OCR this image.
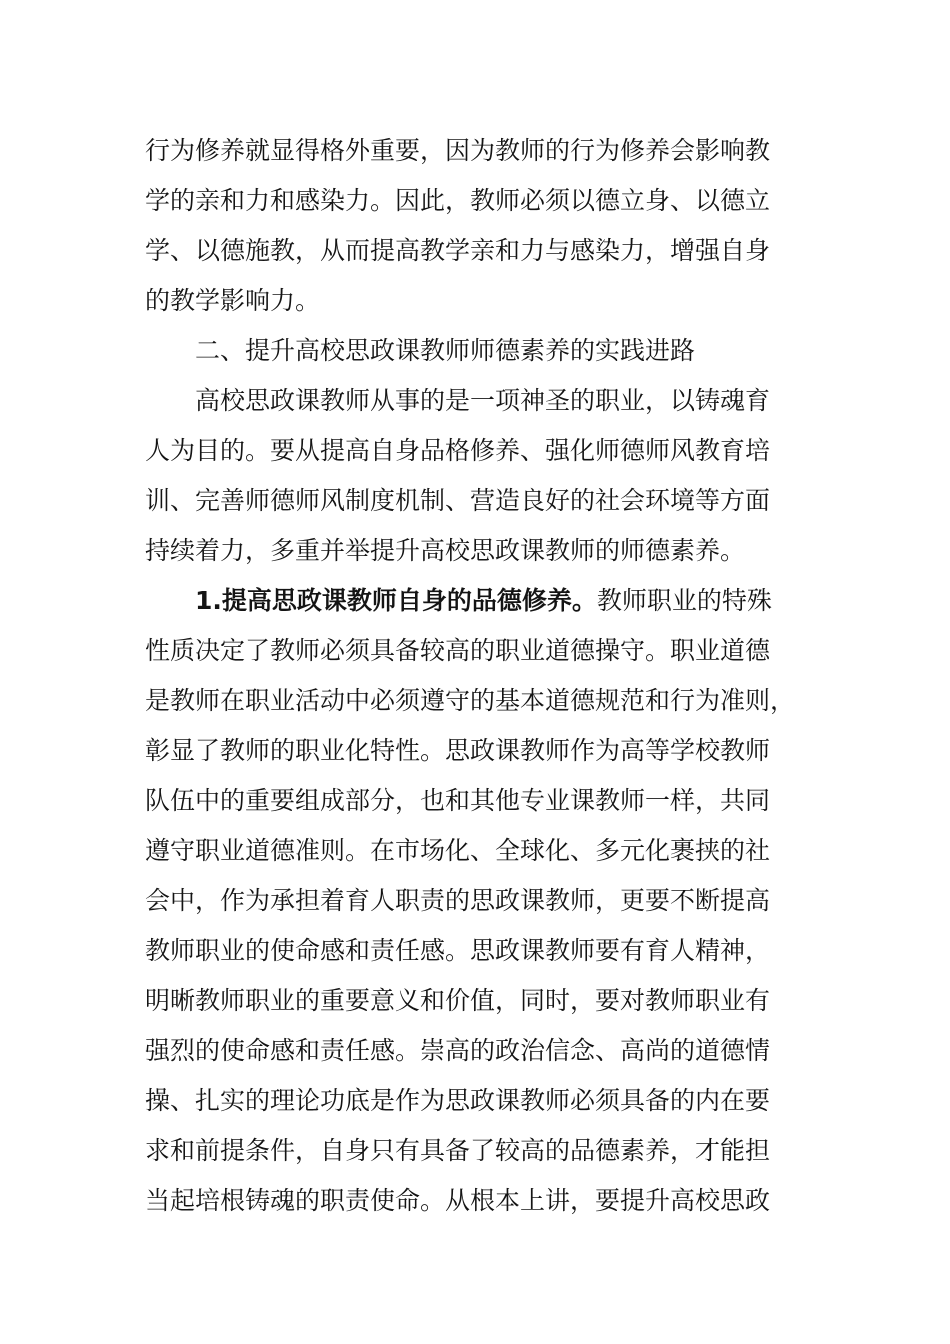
行为修养就显得格外重要，因为教师的行为修养会影响教
学的亲和力和感染力。因此，教师必须以德立身、以德立
学、以德施教，从而提高教学亲和力与感染力，增强自身
的教学影响力。
二、提升高校思政课教师师德素养的实践进路
高校思政课教师从事的是一项神圣的职业，以铸魂育
人为目的。要从提高自身品格修养、强化师德师风教育培
训、完善师德师风制度机制、营造良好的社会环境等方面
持续着力，多重并举提升高校思政课教师的师德素养。
1.提高思政课教师自身的品德修养。教师职业的特殊
性质决定了教师必须具备较高的职业道德操守。职业道德
是教师在职业活动中必须遵守的基本道德规范和行为准则，
彰显了教师的职业化特性。思政课教师作为高等学校教师
队伍中的重要组成部分，也和其他专业课教师一样，共同
遵守职业道德准则。在市场化、全球化、多元化裹挟的社
会中，作为承担着育人职责的思政课教师，更要不断提高
教师职业的使命感和责任感。思政课教师要有育人精神，
明晰教师职业的重要意义和价值，同时，要对教师职业有
强烈的使命感和责任感。崇高的政治信念、高尚的道德情
操、扎实的理论功底是作为思政课教师必须具备的内在要
求和前提条件，自身只有具备了较高的品德素养，才能担
当起培根铸魂的职责使命。从根本上讲，要提升高校思政
